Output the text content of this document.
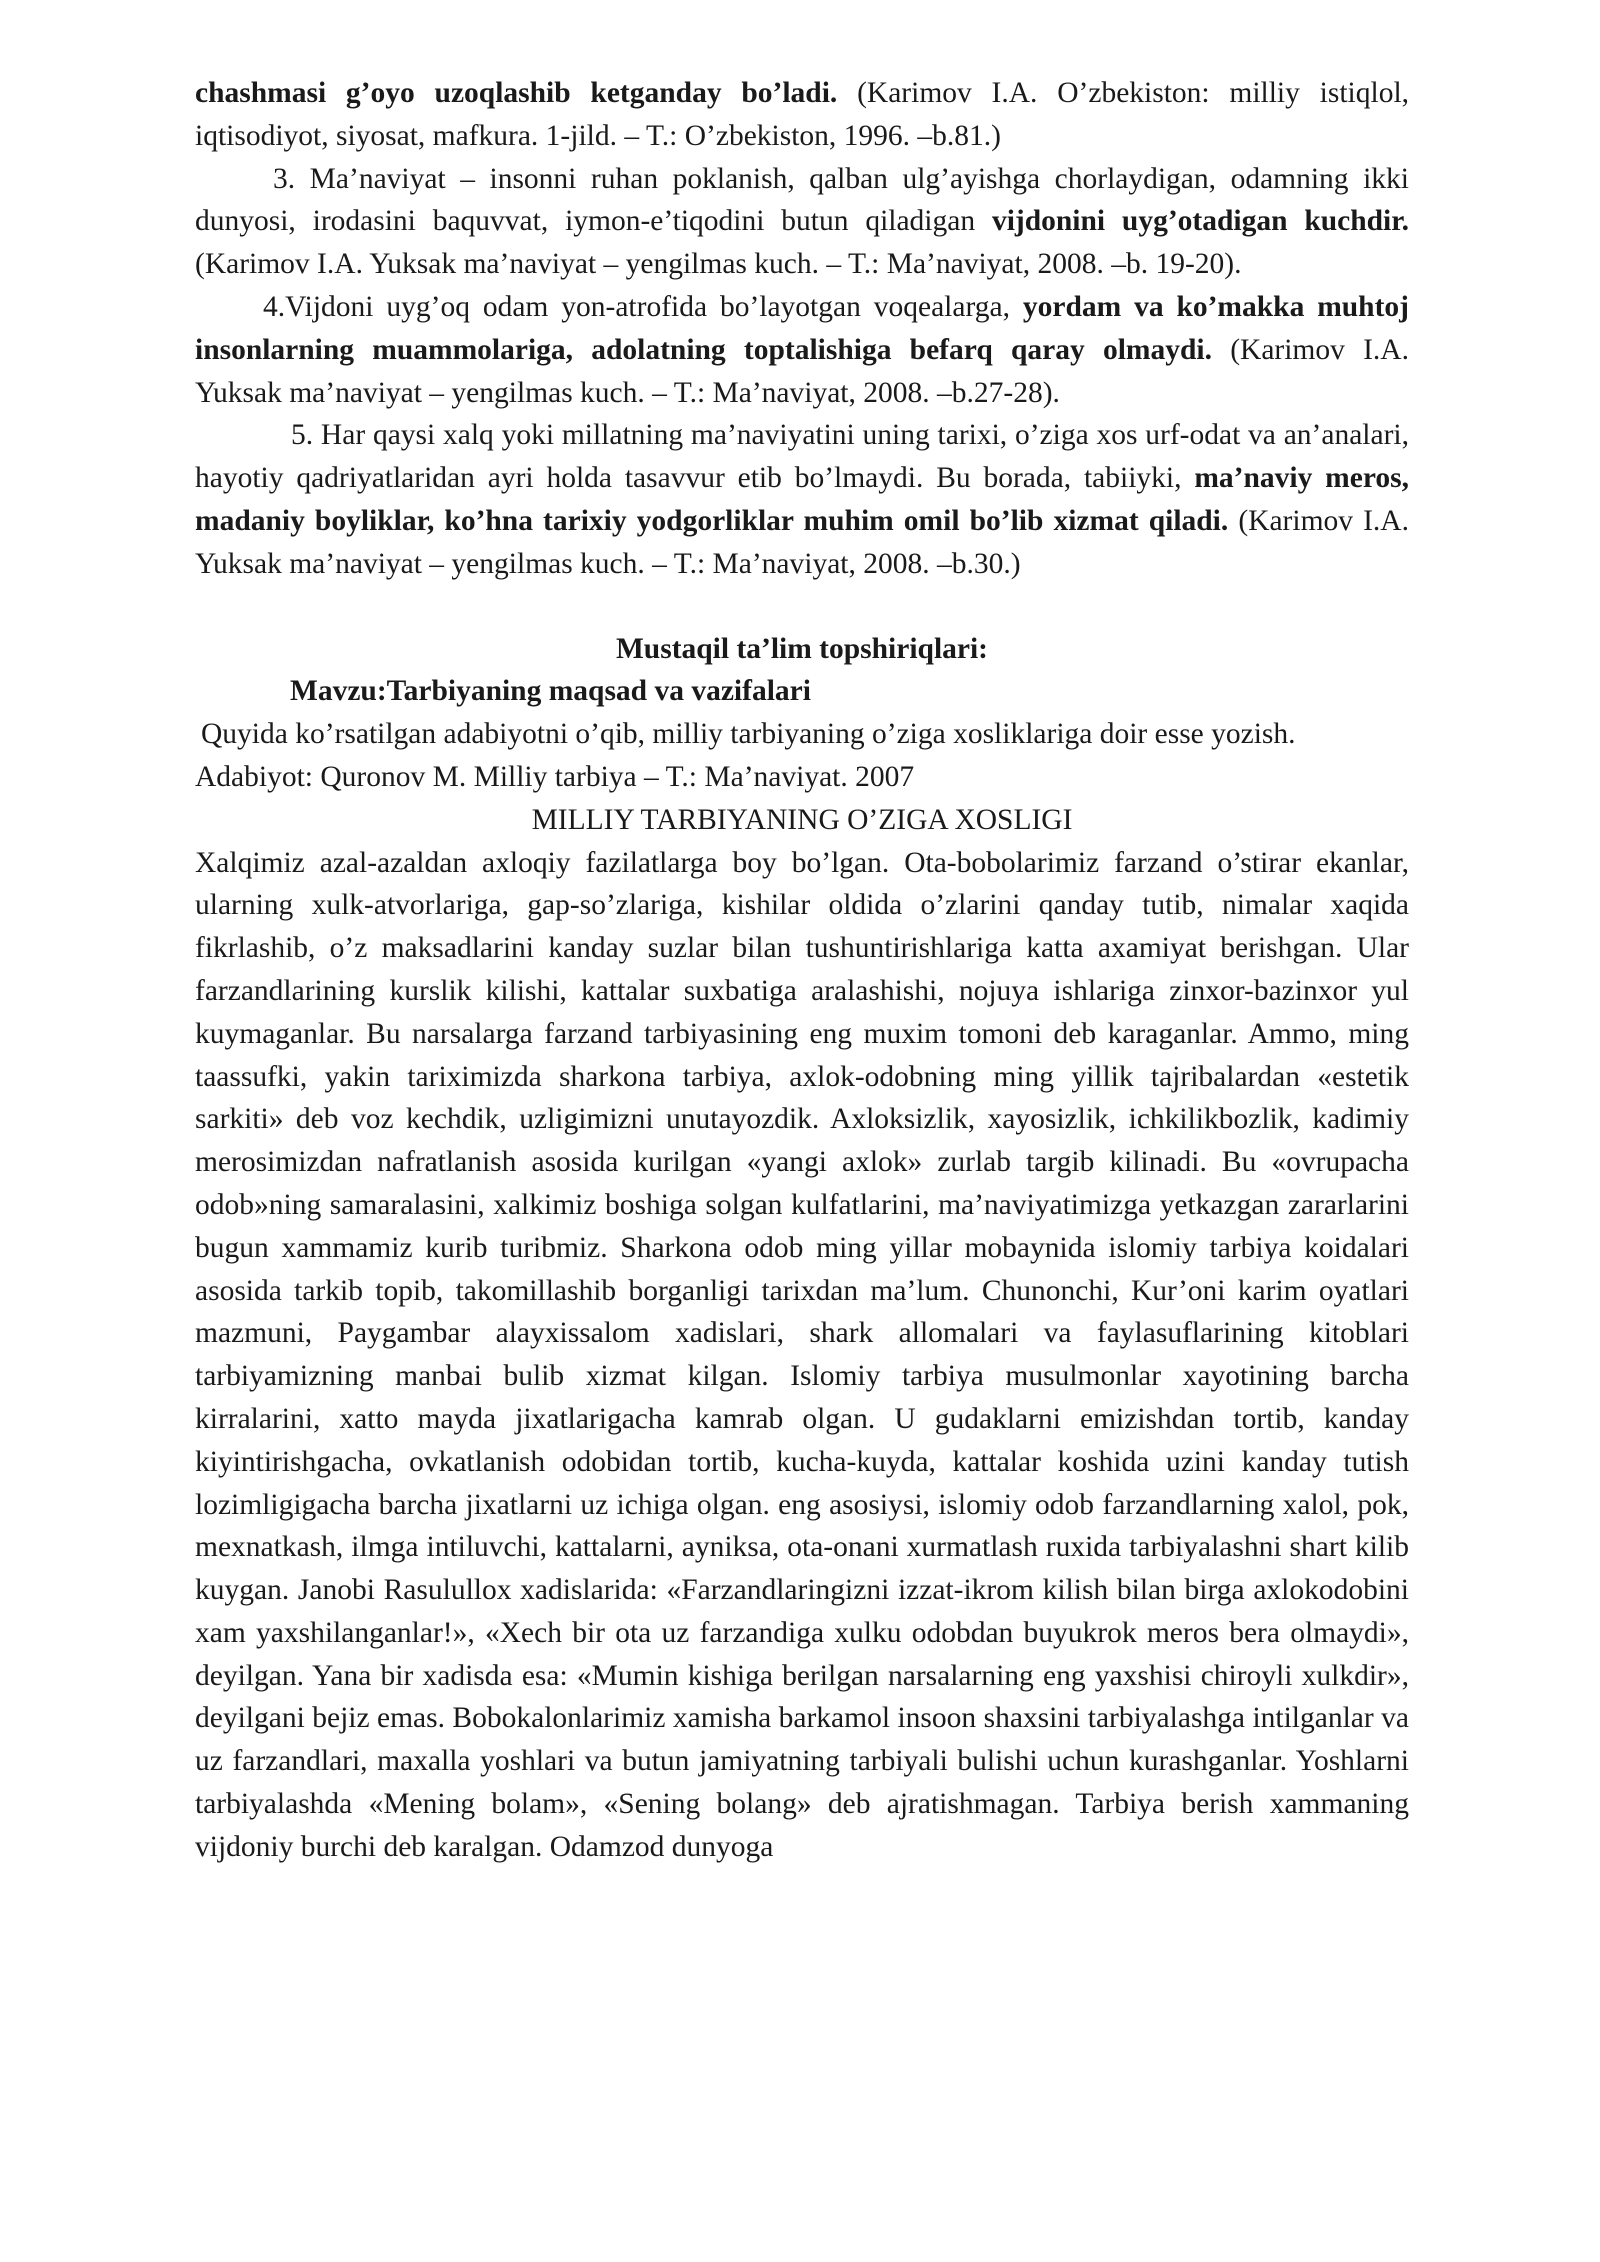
chashmasi g’oyo uzoqlashib ketganday bo’ladi. (Karimov I.A. O’zbekiston: milliy istiqlol, iqtisodiyot, siyosat, mafkura. 1-jild. – T.: O’zbekiston, 1996. –b.81.)

3. Ma’naviyat – insonni ruhan poklanish, qalban ulg’ayishga chorlaydigan, odamning ikki dunyosi, irodasini baquvvat, iymon-e’tiqodini butun qiladigan vijdonini uyg’otadigan kuchdir. (Karimov I.A. Yuksak ma’naviyat – yengilmas kuch. – T.: Ma’naviyat, 2008. –b. 19-20).

4.Vijdoni uyg’oq odam yon-atrofida bo’layotgan voqealarga, yordam va ko’makka muhtoj insonlarning muammolariga, adolatning toptalishiga befarq qaray olmaydi. (Karimov I.A. Yuksak ma’naviyat – yengilmas kuch. – T.: Ma’naviyat, 2008. –b.27-28).

5. Har qaysi xalq yoki millatning ma’naviyatini uning tarixi, o’ziga xos urf-odat va an’analari, hayotiy qadriyatlaridan ayri holda tasavvur etib bo’lmaydi. Bu borada, tabiiyki, ma’naviy meros, madaniy boyliklar, ko’hna tarixiy yodgorliklar muhim omil bo’lib xizmat qiladi. (Karimov I.A. Yuksak ma’naviyat – yengilmas kuch. – T.: Ma’naviyat, 2008. –b.30.)

Mustaqil ta’lim topshiriqlari:

Mavzu:Tarbiyaning maqsad va vazifalari

Quyida ko’rsatilgan adabiyotni o’qib, milliy tarbiyaning o’ziga xosliklariga doir esse yozish.

Adabiyot: Quronov M. Milliy tarbiya – T.: Ma’naviyat. 2007

MILLIY TARBIYANING O’ZIGA XOSLIGI

Xalqimiz azal-azaldan axloqiy fazilatlarga boy bo’lgan. Ota-bobolarimiz farzand o’stirar ekanlar, ularning xulk-atvorlariga, gap-so’zlariga, kishilar oldida o’zlarini qanday tutib, nimalar xaqida fikrlashib, o’z maksadlarini kanday suzlar bilan tushuntirishlariga katta axamiyat berishgan. Ular farzandlarining kurslik kilishi, kattalar suxbatiga aralashishi, nojuya ishlariga zinxor-bazinxor yul kuymaganlar. Bu narsalarga farzand tarbiyasining eng muxim tomoni deb karaganlar. Ammo, ming taassufki, yakin tariximizda sharkona tarbiya, axlok-odobning ming yillik tajribalardan «estetik sarkiti» deb voz kechdik, uzligimizni unutayozdik. Axloksizlik, xayosizlik, ichkilikbozlik, kadimiy merosimizdan nafratlanish asosida kurilgan «yangi axlok» zurlab targib kilinadi. Bu «ovrupacha odob»ning samaralasini, xalkimiz boshiga solgan kulfatlarini, ma’naviyatimizga yetkazgan zararlarini bugun xammamiz kurib turibmiz. Sharkona odob ming yillar mobaynida islomiy tarbiya koidalari asosida tarkib topib, takomillashib borganligi tarixdan ma’lum. Chunonchi, Kur’oni karim oyatlari mazmuni, Paygambar alayxissalom xadislari, shark allomalari va faylasuflarining kitoblari tarbiyamizning manbai bulib xizmat kilgan. Islomiy tarbiya musulmonlar xayotining barcha kirralarini, xatto mayda jixatlarigacha kamrab olgan. U gudaklarni emizishdan tortib, kanday kiyintirishgacha, ovkatlanish odobidan tortib, kucha-kuyda, kattalar koshida uzini kanday tutish lozimligigacha barcha jixatlarni uz ichiga olgan. eng asosiysi, islomiy odob farzandlarning xalol, pok, mexnatkash, ilmga intiluvchi, kattalarni, ayniksa, ota-onani xurmatlash ruxida tarbiyalashni shart kilib kuygan. Janobi Rasulullox xadislarida: «Farzandlaringizni izzat-ikrom kilish bilan birga axlokodobini xam yaxshilanganlar!», «Xech bir ota uz farzandiga xulku odobdan buyukrok meros bera olmaydi», deyilgan. Yana bir xadisda esa: «Mumin kishiga berilgan narsalarning eng yaxshisi chiroyli xulkdir», deyilgani bejiz emas. Bobokalonlarimiz xamisha barkamol insoon shaxsini tarbiyalashga intilganlar va uz farzandlari, maxalla yoshlari va butun jamiyatning tarbiyali bulishi uchun kurashganlar. Yoshlarni tarbiyalashda «Mening bolam», «Sening bolang» deb ajratishmagan. Tarbiya berish xammaning vijdoniy burchi deb karalgan. Odamzod dunyoga
